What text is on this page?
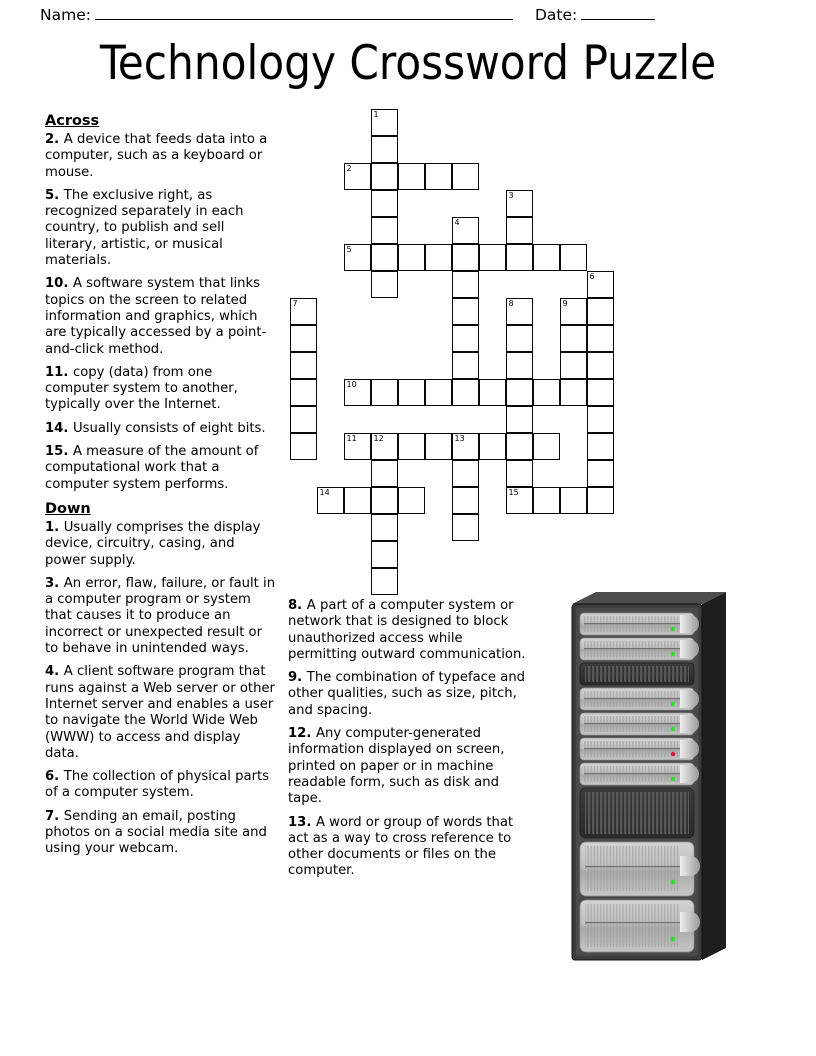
Name:	Date:
Technology Crossword Puzzle
Across

2. A device that feeds data into a computer, such as a keyboard or mouse.

5. The exclusive right, as recognized separately in each country, to publish and sell literary, artistic, or musical materials.

10. A software system that links topics on the screen to related information and graphics, which are typically accessed by a point-and-click method.

11. copy (data) from one computer system to another, typically over the Internet.

14. Usually consists of eight bits.

15. A measure of the amount of computational work that a computer system performs.

Down

1. Usually comprises the display device, circuitry, casing, and power supply.

3. An error, flaw, failure, or fault in a computer program or system that causes it to produce an incorrect or unexpected result or to behave in unintended ways.

4. A client software program that runs against a Web server or other Internet server and enables a user to navigate the World Wide Web (WWW) to access and display data.

6. The collection of physical parts of a computer system.

7. Sending an email, posting photos on a social media site and using your webcam.

8. A part of a computer system or network that is designed to block unauthorized access while permitting outward communication.

9. The combination of typeface and other qualities, such as size, pitch, and spacing.

12. Any computer-generated information displayed on screen, printed on paper or in machine readable form, such as disk and tape.

13. A word or group of words that act as a way to cross reference to other documents or files on the computer.

1
2
3
4
5
6
7	8	9
10
11 12	13
14	15
